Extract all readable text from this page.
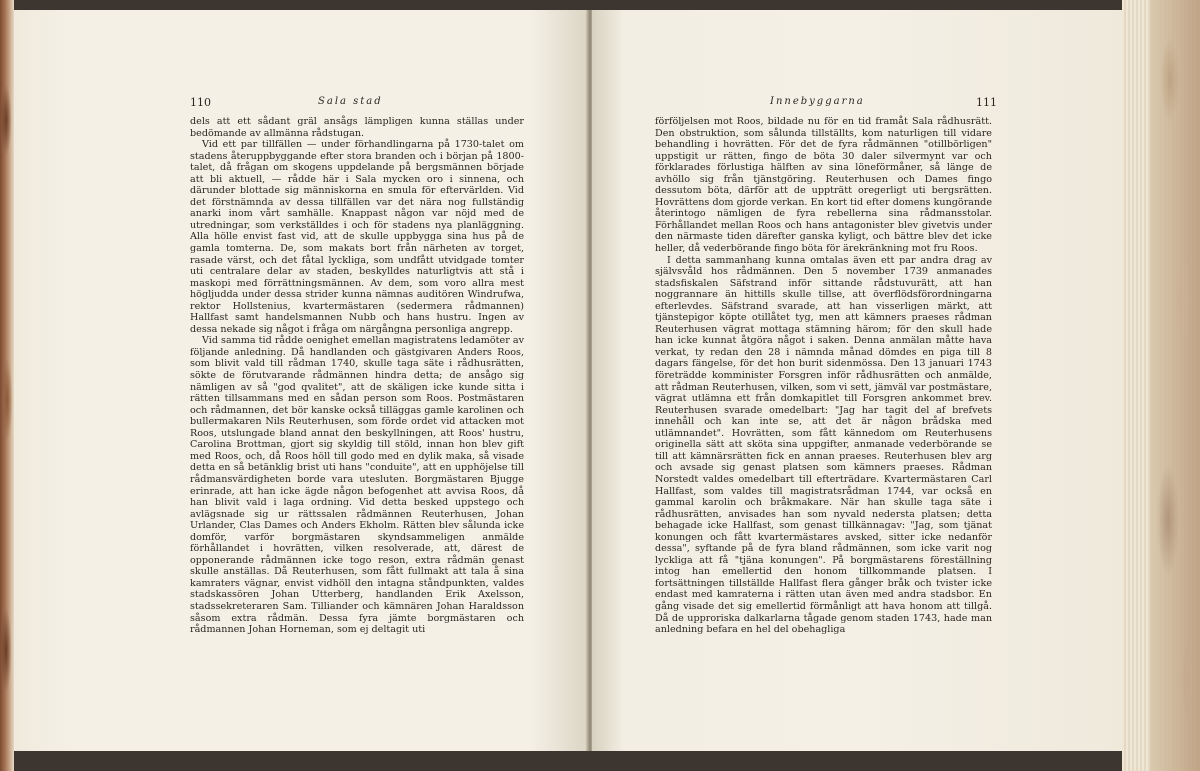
110	Sala stad	Innebyggarna	111

dels att ett sådant gräl ansågs lämpligen kunna ställas under bedömande av allmänna rådstugan.

Vid ett par tillfällen — under förhandlingarna på 1730-talet om stadens återuppbyggande efter stora branden och i början på 1800-talet, då frågan om skogens uppdelande på bergsmännen började att bli aktuell, — rådde här i Sala mycken oro i sinnena, och därunder blottade sig människorna en smula för eftervärlden. Vid det förstnämnda av dessa tillfällen var det nära nog fullständig anarki inom vårt samhälle. Knappast någon var nöjd med de utredningar, som verkställdes i och för stadens nya planläggning. Alla hölle envist fast vid, att de skulle uppbygga sina hus på de gamla tomterna. De, som makats bort från närheten av torget, rasade värst, och det fåtal lyckliga, som undfått utvidgade tomter uti centralare delar av staden, beskylldes naturligtvis att stå i maskopi med förrättningsmännen. Av dem, som voro allra mest högljudda under dessa strider kunna nämnas auditören Windrufwa, rektor Hollstenius, kvartermästaren (sedermera rådmannen) Hallfast samt handelsmannen Nubb och hans hustru. Ingen av dessa nekade sig något i fråga om närgångna personliga angrepp.

Vid samma tid rådde oenighet emellan magistratens ledamöter av följande anledning. Då handlanden och gästgivaren Anders Roos, som blivit vald till rådman 1740, skulle taga säte i rådhusrätten, sökte de förutvarande rådmännen hindra detta; de ansågo sig nämligen av så "god qvalitet", att de skäligen icke kunde sitta i rätten tillsammans med en sådan person som Roos. Postmästaren och rådmannen, det bör kanske också tilläggas gamle karolinen och bullermakaren Nils Reuterhusen, som förde ordet vid attacken mot Roos, utslungade bland annat den beskyllningen, att Roos' hustru, Carolina Brottman, gjort sig skyldig till stöld, innan hon blev gift med Roos, och, då Roos höll till godo med en dylik maka, så visade detta en så betänklig brist uti hans "conduite", att en upphöjelse till rådmansvärdigheten borde vara utesluten. Borgmästaren Bjugge erinrade, att han icke ägde någon befogenhet att avvisa Roos, då han blivit vald i laga ordning. Vid detta besked uppstego och avlägsnade sig ur rättssalen rådmännen Reuterhusen, Johan Urlander, Clas Dames och Anders Ekholm. Rätten blev sålunda icke domför, varför borgmästaren skyndsammeligen anmälde förhållandet i hovrätten, vilken resolverade, att, därest de opponerande rådmännen icke togo reson, extra rådmän genast skulle anställas. Då Reuterhusen, som fått fullmakt att tala å sina kamraters vägnar, envist vidhöll den intagna ståndpunkten, valdes stadskassören Johan Utterberg, handlanden Erik Axelsson, stadssekreteraren Sam. Tilliander och kämnären Johan Haraldsson såsom extra rådmän. Dessa fyra jämte borgmästaren och rådmannen Johan Horneman, som ej deltagit uti

förföljelsen mot Roos, bildade nu för en tid framåt Sala rådhusrätt. Den obstruktion, som sålunda tillställts, kom naturligen till vidare behandling i hovrätten. För det de fyra rådmännen "otillbörligen" uppstigit ur rätten, fingo de böta 30 daler silvermynt var och förklarades förlustiga hälften av sina löneförmåner, så länge de avhöllo sig från tjänstgöring. Reuterhusen och Dames fingo dessutom böta, därför att de uppträtt oregerligt uti bergsrätten. Hovrättens dom gjorde verkan. En kort tid efter domens kungörande återintogo nämligen de fyra rebellerna sina rådmansstolar. Förhållandet mellan Roos och hans antagonister blev givetvis under den närmaste tiden därefter ganska kyligt, och bättre blev det icke heller, då vederbörande fingo böta för ärekränkning mot fru Roos.

I detta sammanhang kunna omtalas även ett par andra drag av självsvåld hos rådmännen. Den 5 november 1739 anmanades stadsfiskalen Säfstrand inför sittande rådstuvurätt, att han noggrannare än hittills skulle tillse, att överflödsförordningarna efterlevdes. Säfstrand svarade, att han visserligen märkt, att tjänstepigor köpte otillåtet tyg, men att kämners praeses rådman Reuterhusen vägrat mottaga stämning härom; för den skull hade han icke kunnat åtgöra något i saken. Denna anmälan måtte hava verkat, ty redan den 28 i nämnda månad dömdes en piga till 8 dagars fängelse, för det hon burit sidenmössa. Den 13 januari 1743 företrädde komminister Forsgren inför rådhusrätten och anmälde, att rådman Reuterhusen, vilken, som vi sett, jämväl var postmästare, vägrat utlämna ett från domkapitlet till Forsgren ankommet brev. Reuterhusen svarade omedelbart: "Jag har tagit del af brefvets innehåll och kan inte se, att det är någon brådska med utlämnandet". Hovrätten, som fått kännedom om Reuterhusens originella sätt att sköta sina uppgifter, anmanade vederbörande se till att kämnärsrätten fick en annan praeses. Reuterhusen blev arg och avsade sig genast platsen som kämners praeses. Rådman Norstedt valdes omedelbart till efterträdare. Kvartermästaren Carl Hallfast, som valdes till magistratsrådman 1744, var också en gammal karolin och bråkmakare. När han skulle taga säte i rådhusrätten, anvisades han som nyvald nedersta platsen; detta behagade icke Hallfast, som genast tillkännagav: "Jag, som tjänat konungen och fått kvartermästares avsked, sitter icke nedanför dessa", syftande på de fyra bland rådmännen, som icke varit nog lyckliga att få "tjäna konungen". På borgmästarens föreställning intog han emellertid den honom tillkommande platsen. I fortsättningen tillställde Hallfast flera gånger bråk och tvister icke endast med kamraterna i rätten utan även med andra stadsbor. En gång visade det sig emellertid förmånligt att hava honom att tillgå. Då de upproriska dalkarlarna tågade genom staden 1743, hade man anledning befara en hel del obehagliga
